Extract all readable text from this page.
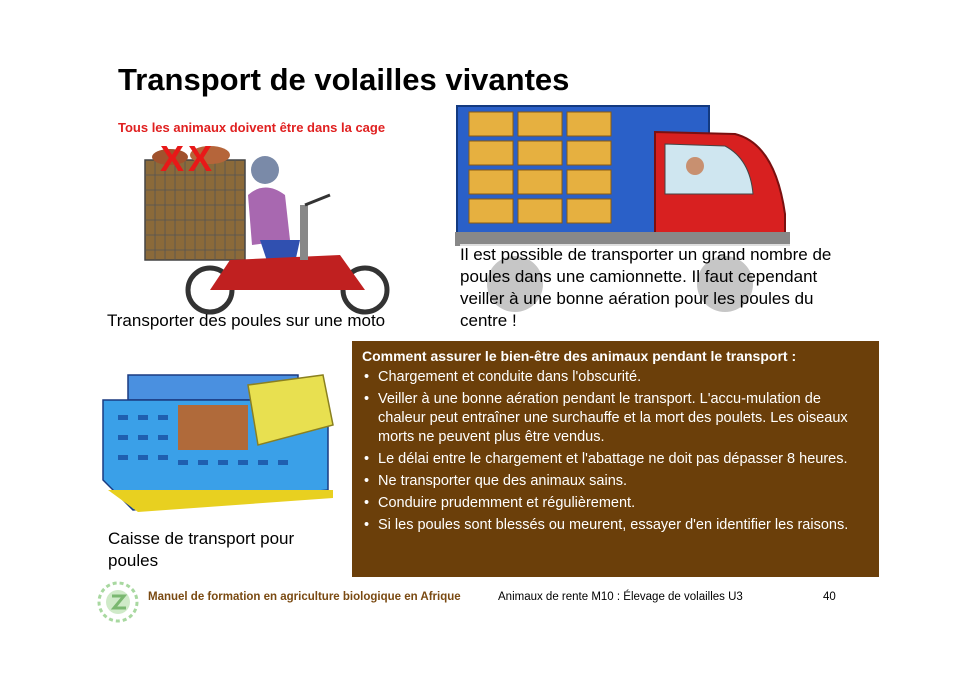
Transport de volailles vivantes
Tous les animaux doivent être dans la cage
XX
Transporter des poules sur une moto
Il est possible de transporter un grand nombre de poules dans une camionnette. Il faut cependant veiller à une bonne aération pour les poules du centre !
Caisse de transport pour poules
Comment assurer le bien-être des animaux pendant le transport :
• Chargement et conduite dans l'obscurité.
• Veiller à une bonne aération pendant le transport. L'accu-mulation de chaleur peut entraîner une surchauffe et la mort des poulets. Les oiseaux morts ne peuvent plus être vendus.
• Le délai entre le chargement et l'abattage ne doit pas dépasser 8 heures.
• Ne transporter que des animaux sains.
• Conduire prudemment et régulièrement.
• Si les poules sont blessés ou meurent, essayer d'en identifier les raisons.
Manuel de formation en agriculture biologique en Afrique	Animaux de rente M10 : Élevage de volailles U3	40
